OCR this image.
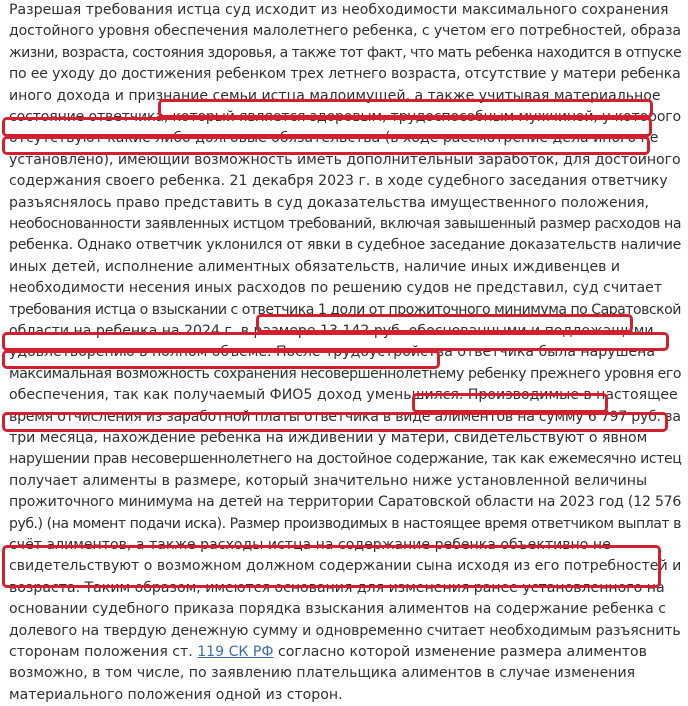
Разрешая требования истца суд исходит из необходимости максимального сохранения
достойного уровня обеспечения малолетнего ребенка, с учетом его потребностей, образа
жизни, возраста, состояния здоровья, а также тот факт, что мать ребенка находится в отпуске
по ее уходу до достижения ребенком трех летнего возраста, отсутствие у матери ребенка
иного дохода и признание семьи истца малоимущей, а также учитывая материальное
состояние ответчика, который является здоровым, трудоспособным мужчиной, у которого
отсутствуют какие либо долговые обязательства (в ходе рассмотрение дела иного не
установлено), имеющий возможность иметь дополнительный заработок, для достойного
содержания своего ребенка. 21 декабря 2023 г. в ходе судебного заседания ответчику
разъяснялось право представить в суд доказательства имущественного положения,
необоснованности заявленных истцом требований, включая завышенный размер расходов на
ребенка. Однако ответчик уклонился от явки в судебное заседание доказательств наличие
иных детей, исполнение алиментных обязательств, наличие иных иждивенцев и
необходимости несения иных расходов по решению судов не представил, суд считает
требования истца о взыскании с ответчика 1 доли от прожиточного минимума по Саратовской
области на ребенка на 2024 г. в размере 13 142 руб. обоснованными и подлежащими
удовлетворению в полном объеме. После трудоустройства ответчика была нарушена
максимальная возможность сохранения несовершеннолетнему ребенку прежнего уровня его
обеспечения, так как получаемый ФИО5 доход уменьшился. Производимые в настоящее
время отчисления из заработной платы ответчика в виде алиментов на сумму 6 797 руб. за
три месяца, нахождение ребенка на иждивении у матери, свидетельствуют о явном
нарушении прав несовершеннолетнего на достойное содержание, так как ежемесячно истец
получает алименты в размере, который значительно ниже установленной величины
прожиточного минимума на детей на территории Саратовской области на 2023 год (12 576
руб.) (на момент подачи иска). Размер производимых в настоящее время ответчиком выплат в
счёт алиментов, а также расходы истца на содержание ребенка объективно не
свидетельствуют о возможном должном содержании сына исходя из его потребностей и
возраста. Таким образом, имеются основания для изменения ранее установленного на
основании судебного приказа порядка взыскания алиментов на содержание ребенка с
долевого на твердую денежную сумму и одновременно считает необходимым разъяснить
сторонам положения ст. 119 СК РФ согласно которой изменение размера алиментов
возможно, в том числе, по заявлению плательщика алиментов в случае изменения
материального положения одной из сторон.
